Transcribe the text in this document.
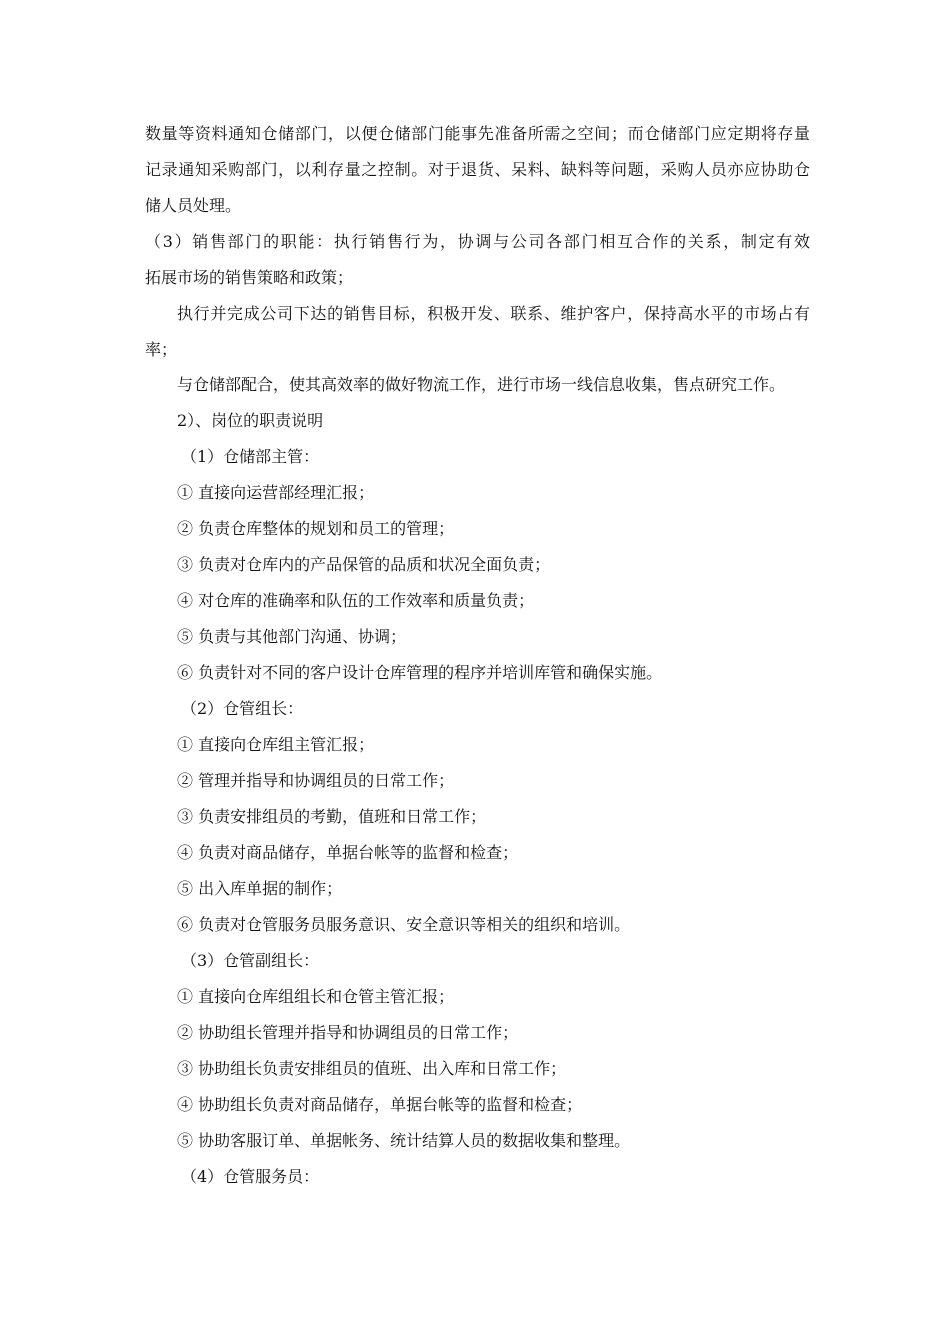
数量等资料通知仓储部门，以便仓储部门能事先准备所需之空间；而仓储部门应定期将存量

记录通知采购部门，以利存量之控制。对于退货、呆料、缺料等问题，采购人员亦应协助仓

储人员处理。

（3）销售部门的职能：执行销售行为，协调与公司各部门相互合作的关系，制定有效

拓展市场的销售策略和政策；

执行并完成公司下达的销售目标，积极开发、联系、维护客户，保持高水平的市场占有

率；

与仓储部配合，使其高效率的做好物流工作，进行市场一线信息收集，售点研究工作。

2）、岗位的职责说明

（1）仓储部主管：

① 直接向运营部经理汇报；

② 负责仓库整体的规划和员工的管理；

③ 负责对仓库内的产品保管的品质和状况全面负责；

④ 对仓库的准确率和队伍的工作效率和质量负责；

⑤ 负责与其他部门沟通、协调；

⑥ 负责针对不同的客户设计仓库管理的程序并培训库管和确保实施。

（2）仓管组长：

① 直接向仓库组主管汇报；

② 管理并指导和协调组员的日常工作；

③ 负责安排组员的考勤，值班和日常工作；

④ 负责对商品储存，单据台帐等的监督和检查；

⑤ 出入库单据的制作；

⑥ 负责对仓管服务员服务意识、安全意识等相关的组织和培训。

（3）仓管副组长：

① 直接向仓库组组长和仓管主管汇报；

② 协助组长管理并指导和协调组员的日常工作；

③ 协助组长负责安排组员的值班、出入库和日常工作；

④ 协助组长负责对商品储存，单据台帐等的监督和检查；

⑤ 协助客服订单、单据帐务、统计结算人员的数据收集和整理。

（4）仓管服务员：
